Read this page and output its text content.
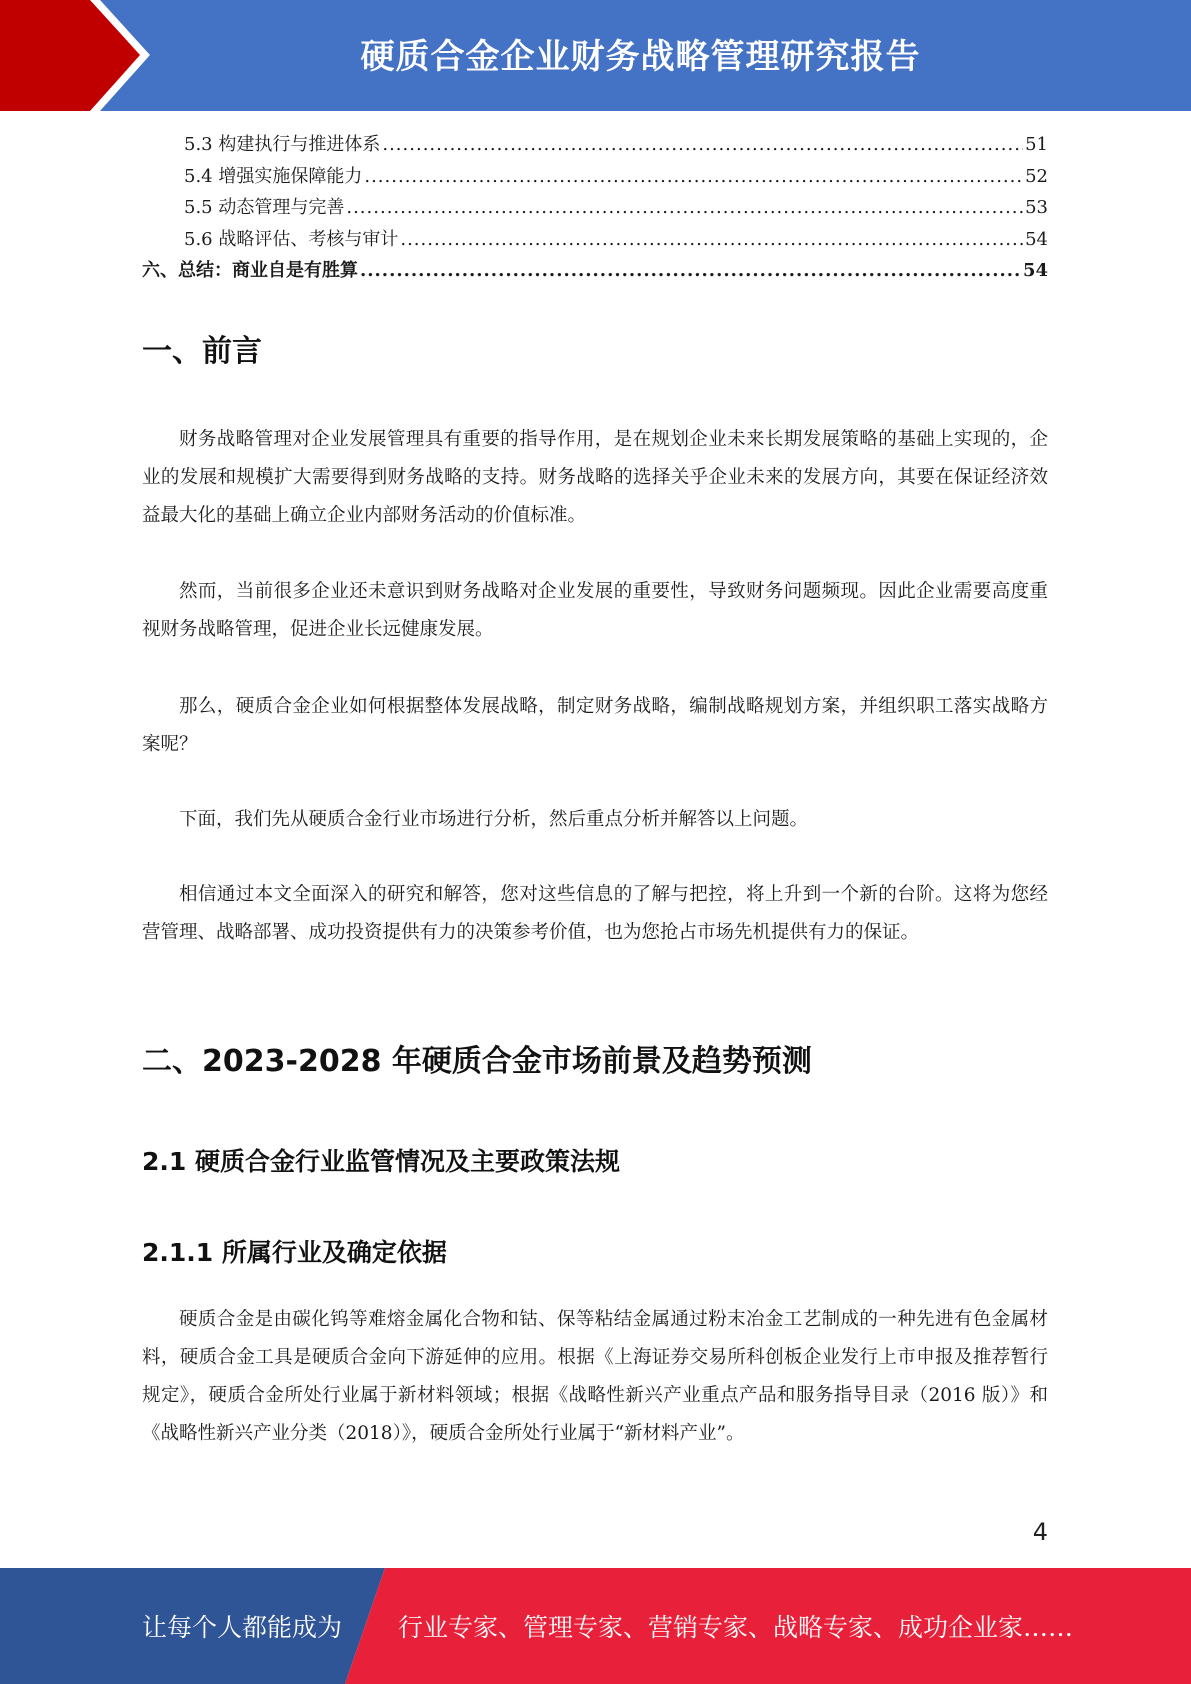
硬质合金企业财务战略管理研究报告
5.3 构建执行与推进体系 .....	51
5.4 增强实施保障能力 .....	52
5.5 动态管理与完善 .....	53
5.6 战略评估、考核与审计 .....	54
六、总结：商业自是有胜算 .....	54
一、前言
财务战略管理对企业发展管理具有重要的指导作用，是在规划企业未来长期发展策略的基础上实现的，企业的发展和规模扩大需要得到财务战略的支持。财务战略的选择关乎企业未来的发展方向，其要在保证经济效益最大化的基础上确立企业内部财务活动的价值标准。
然而，当前很多企业还未意识到财务战略对企业发展的重要性，导致财务问题频现。因此企业需要高度重视财务战略管理，促进企业长远健康发展。
那么，硬质合金企业如何根据整体发展战略，制定财务战略，编制战略规划方案，并组织职工落实战略方案呢？
下面，我们先从硬质合金行业市场进行分析，然后重点分析并解答以上问题。
相信通过本文全面深入的研究和解答，您对这些信息的了解与把控，将上升到一个新的台阶。这将为您经营管理、战略部署、成功投资提供有力的决策参考价值，也为您抢占市场先机提供有力的保证。
二、2023-2028 年硬质合金市场前景及趋势预测
2.1 硬质合金行业监管情况及主要政策法规
2.1.1 所属行业及确定依据
硬质合金是由碳化钨等难熔金属化合物和钴、保等粘结金属通过粉末冶金工艺制成的一种先进有色金属材料，硬质合金工具是硬质合金向下游延伸的应用。根据《上海证券交易所科创板企业发行上市申报及推荐暂行规定》，硬质合金所处行业属于新材料领域；根据《战略性新兴产业重点产品和服务指导目录（2016 版）》和《战略性新兴产业分类（2018）》，硬质合金所处行业属于“新材料产业”。
4
让每个人都能成为 行业专家、管理专家、营销专家、战略专家、成功企业家……
